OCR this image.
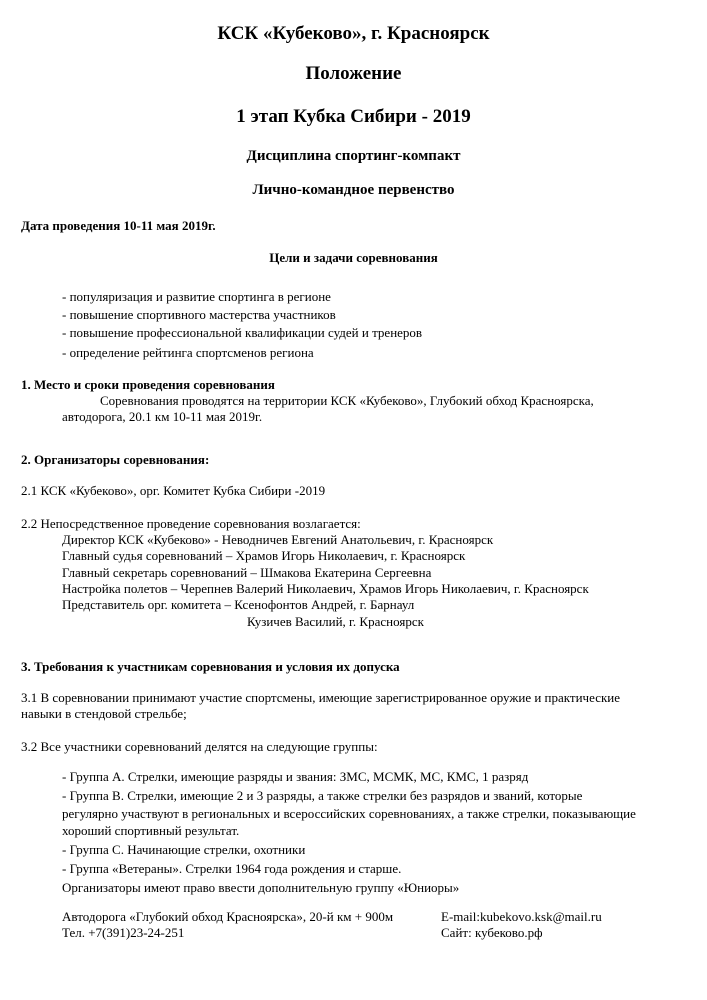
КСК «Кубеково», г. Красноярск
Положение
1 этап Кубка Сибири - 2019
Дисциплина спортинг-компакт
Лично-командное первенство
Дата проведения 10-11 мая 2019г.
Цели и задачи соревнования
- популяризация и развитие спортинга в регионе
- повышение спортивного мастерства участников
- повышение профессиональной квалификации судей и тренеров
- определение рейтинга спортсменов региона
1. Место и сроки проведения соревнования
Соревнования проводятся на территории КСК «Кубеково», Глубокий обход Красноярска,
автодорога, 20.1 км 10-11 мая 2019г.
2. Организаторы соревнования:
2.1 КСК «Кубеково», орг. Комитет Кубка Сибири -2019
2.2 Непосредственное проведение соревнования возлагается:
Директор КСК «Кубеково» - Неводничев Евгений Анатольевич, г. Красноярск
Главный судья соревнований – Храмов Игорь Николаевич, г. Красноярск
Главный секретарь соревнований – Шмакова Екатерина Сергеевна
Настройка полетов – Черепнев Валерий Николаевич, Храмов Игорь Николаевич, г. Красноярск
Представитель орг. комитета – Ксенофонтов Андрей, г. Барнаул
Кузичев Василий, г. Красноярск
3. Требования к участникам соревнования и условия их допуска
3.1 В соревновании принимают участие спортсмены, имеющие зарегистрированное оружие и практические
навыки в стендовой стрельбе;
3.2 Все участники соревнований делятся на следующие группы:
- Группа А. Стрелки, имеющие разряды и звания: ЗМС, МСМК, МС, КМС, 1 разряд
- Группа В. Стрелки, имеющие 2 и 3 разряды, а также стрелки без разрядов и званий, которые
регулярно участвуют в региональных и всероссийских соревнованиях, а также стрелки, показывающие
хороший спортивный результат.
- Группа С. Начинающие стрелки, охотники
- Группа «Ветераны». Стрелки 1964 года рождения и старше.
Организаторы имеют право ввести дополнительную группу «Юниоры»
Автодорога «Глубокий обход Красноярска», 20-й км + 900м
Тел. +7(391)23-24-251
E-mail:kubekovo.ksk@mail.ru
Сайт: кубеково.рф
